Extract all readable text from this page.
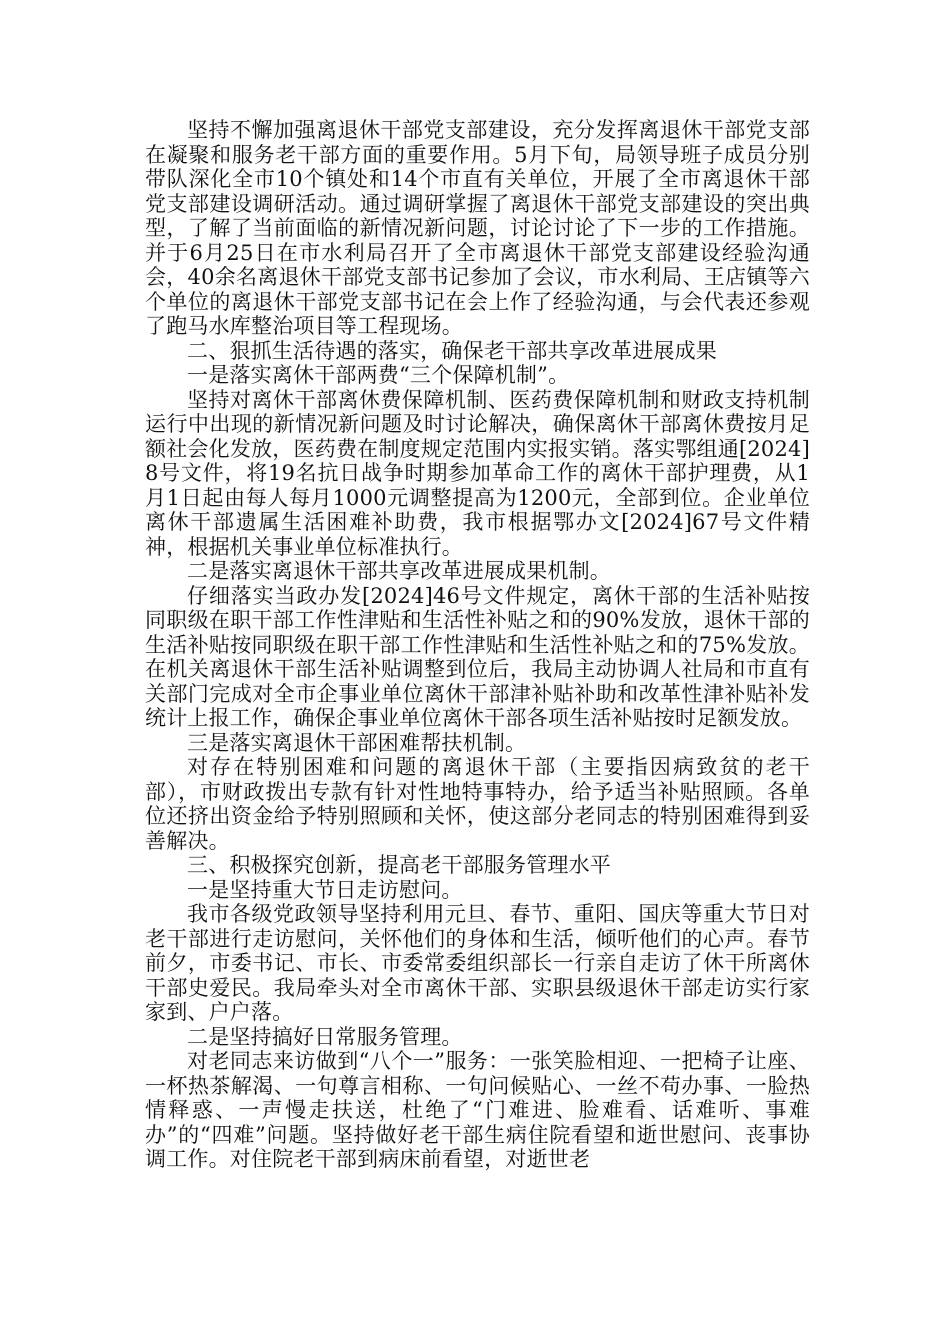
坚持不懈加强离退休干部党支部建设，充分发挥离退休干部党支部在凝聚和服务老干部方面的重要作用。5月下旬，局领导班子成员分别带队深化全市10个镇处和14个市直有关单位，开展了全市离退休干部党支部建设调研活动。通过调研掌握了离退休干部党支部建设的突出典型，了解了当前面临的新情况新问题，讨论讨论了下一步的工作措施。并于6月25日在市水利局召开了全市离退休干部党支部建设经验沟通会，40余名离退休干部党支部书记参加了会议，市水利局、王店镇等六个单位的离退休干部党支部书记在会上作了经验沟通，与会代表还参观了跑马水库整治项目等工程现场。

二、狠抓生活待遇的落实，确保老干部共享改革进展成果

一是落实离休干部两费“三个保障机制”。

坚持对离休干部离休费保障机制、医药费保障机制和财政支持机制运行中出现的新情况新问题及时讨论解决，确保离休干部离休费按月足额社会化发放，医药费在制度规定范围内实报实销。落实鄂组通[2024]8号文件，将19名抗日战争时期参加革命工作的离休干部护理费，从1月1日起由每人每月1000元调整提高为1200元，全部到位。企业单位离休干部遗属生活困难补助费，我市根据鄂办文[2024]67号文件精神，根据机关事业单位标准执行。

二是落实离退休干部共享改革进展成果机制。

仔细落实当政办发[2024]46号文件规定，离休干部的生活补贴按同职级在职干部工作性津贴和生活性补贴之和的90%发放，退休干部的生活补贴按同职级在职干部工作性津贴和生活性补贴之和的75%发放。在机关离退休干部生活补贴调整到位后，我局主动协调人社局和市直有关部门完成对全市企事业单位离休干部津补贴补助和改革性津补贴补发统计上报工作，确保企事业单位离休干部各项生活补贴按时足额发放。

三是落实离退休干部困难帮扶机制。

对存在特别困难和问题的离退休干部（主要指因病致贫的老干部），市财政拨出专款有针对性地特事特办，给予适当补贴照顾。各单位还挤出资金给予特别照顾和关怀，使这部分老同志的特别困难得到妥善解决。

三、积极探究创新，提高老干部服务管理水平

一是坚持重大节日走访慰问。

我市各级党政领导坚持利用元旦、春节、重阳、国庆等重大节日对老干部进行走访慰问，关怀他们的身体和生活，倾听他们的心声。春节前夕，市委书记、市长、市委常委组织部长一行亲自走访了休干所离休干部史爱民。我局牵头对全市离休干部、实职县级退休干部走访实行家家到、户户落。

二是坚持搞好日常服务管理。

对老同志来访做到“八个一”服务：一张笑脸相迎、一把椅子让座、一杯热茶解渴、一句尊言相称、一句问候贴心、一丝不苟办事、一脸热情释惑、一声慢走扶送，杜绝了“门难进、脸难看、话难听、事难办”的“四难”问题。坚持做好老干部生病住院看望和逝世慰问、丧事协调工作。对住院老干部到病床前看望，对逝世老
